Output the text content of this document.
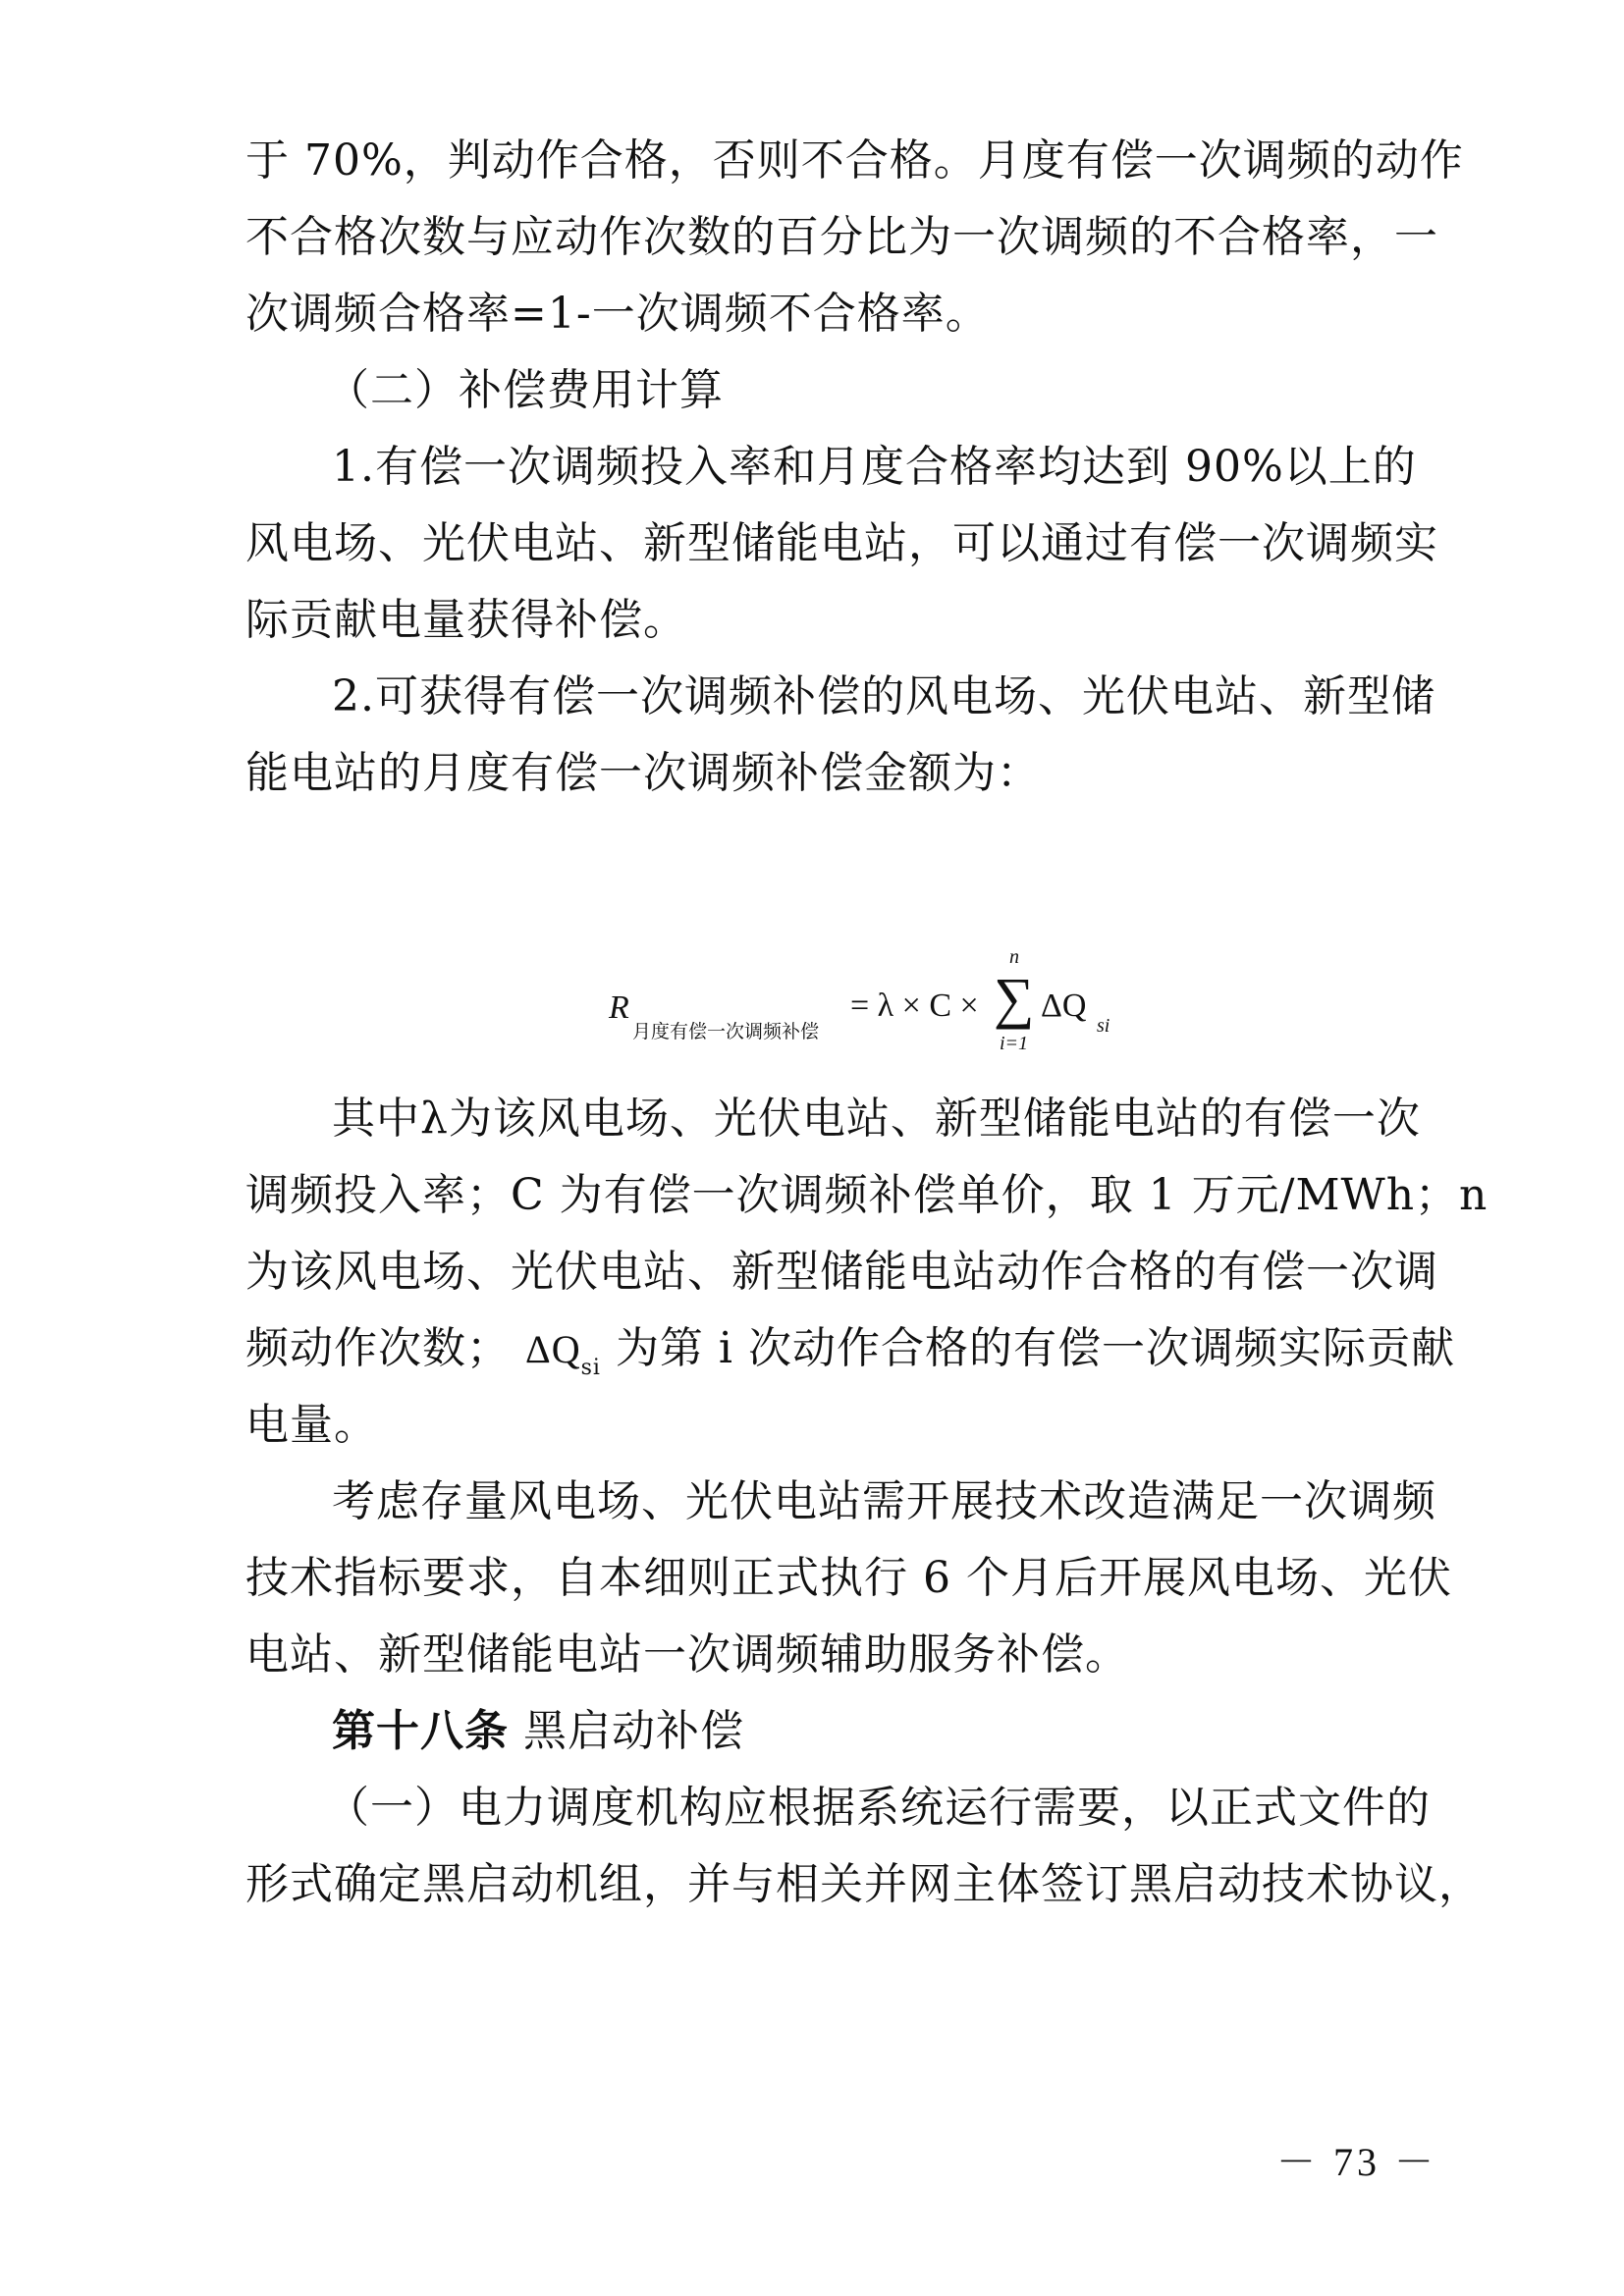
于 70%，判动作合格，否则不合格。月度有偿一次调频的动作
不合格次数与应动作次数的百分比为一次调频的不合格率，一
次调频合格率=1-一次调频不合格率。
（二）补偿费用计算
1.有偿一次调频投入率和月度合格率均达到 90%以上的
风电场、光伏电站、新型储能电站，可以通过有偿一次调频实
际贡献电量获得补偿。
2.可获得有偿一次调频补偿的风电场、光伏电站、新型储
能电站的月度有偿一次调频补偿金额为：
R
月度有偿一次调频补偿
= λ × C ×
n
∑
i=1
ΔQ
si
其中λ为该风电场、光伏电站、新型储能电站的有偿一次
调频投入率；C 为有偿一次调频补偿单价，取 1 万元/MWh；n
为该风电场、光伏电站、新型储能电站动作合格的有偿一次调
频动作次数； $\Delta Q_{si}$ 为第 i 次动作合格的有偿一次调频实际贡献
电量。
考虑存量风电场、光伏电站需开展技术改造满足一次调频
技术指标要求，自本细则正式执行 6 个月后开展风电场、光伏
电站、新型储能电站一次调频辅助服务补偿。
第十八条 黑启动补偿
（一）电力调度机构应根据系统运行需要，以正式文件的
形式确定黑启动机组，并与相关并网主体签订黑启动技术协议，
－ 73 －
